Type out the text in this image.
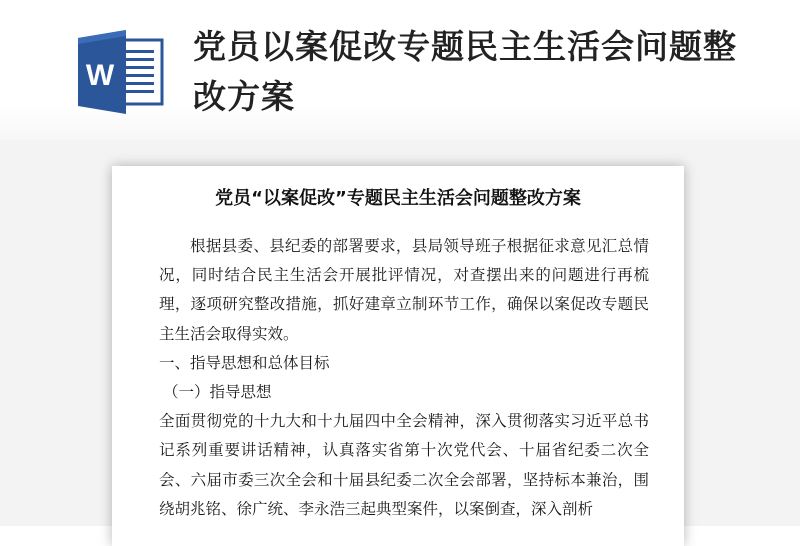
W
党员以案促改专题民主生活会问题整改方案
党员“以案促改”专题民主生活会问题整改方案

根据县委、县纪委的部署要求，县局领导班子根据征求意见汇总情况，同时结合民主生活会开展批评情况，对查摆出来的问题进行再梳理，逐项研究整改措施，抓好建章立制环节工作，确保以案促改专题民主生活会取得实效。

一、指导思想和总体目标

（一）指导思想

全面贯彻党的十九大和十九届四中全会精神，深入贯彻落实习近平总书记系列重要讲话精神，认真落实省第十次党代会、十届省纪委二次全会、六届市委三次全会和十届县纪委二次全会部署，坚持标本兼治，围绕胡兆铭、徐广统、李永浩三起典型案件，以案倒查，深入剖析
